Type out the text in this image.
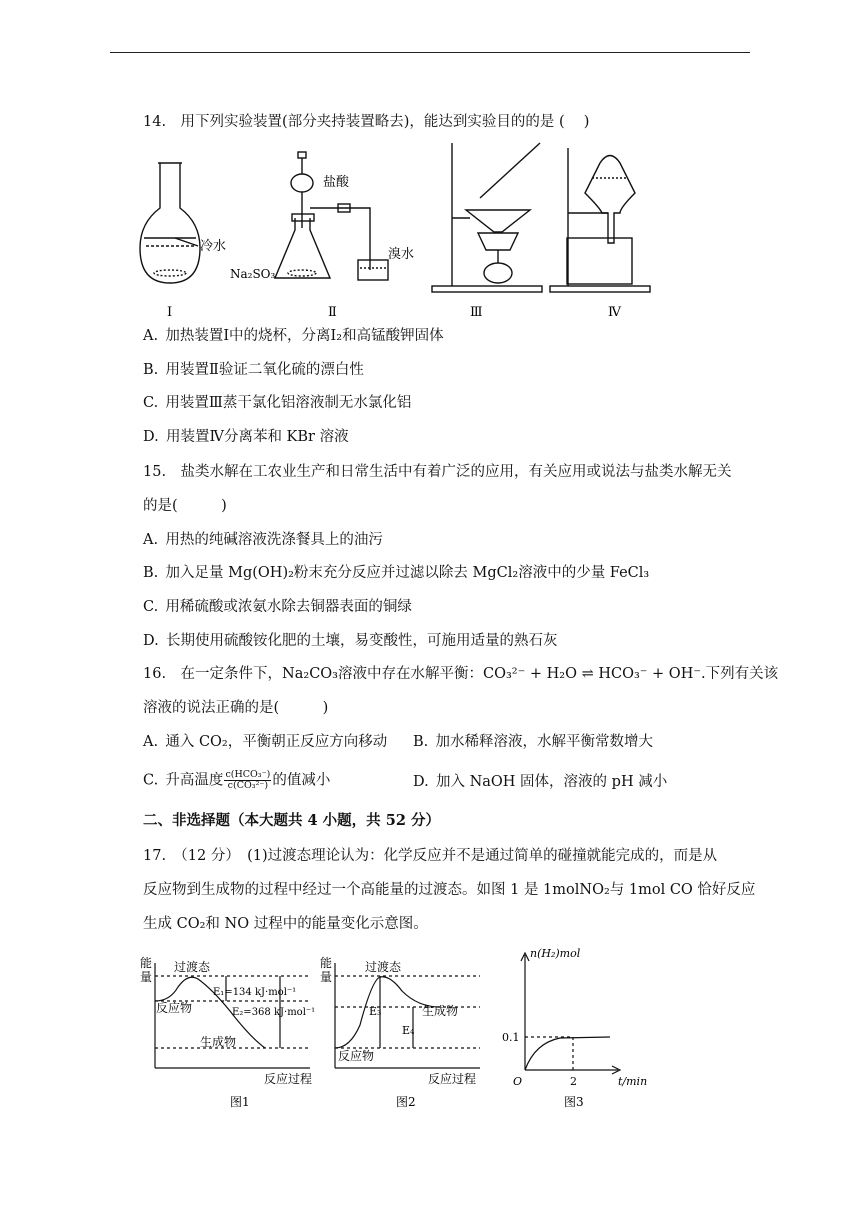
14.　用下列实验装置(部分夹持装置略去)，能达到实验目的的是 (　 )
冷水
Ⅰ
盐酸
Na₂SO₃
溴水
Ⅱ	Ⅲ	Ⅳ
A. 加热装置Ⅰ中的烧杯，分离I₂和高锰酸钾固体
B. 用装置Ⅱ验证二氧化硫的漂白性
C. 用装置Ⅲ蒸干氯化铝溶液制无水氯化铝
D. 用装置Ⅳ分离苯和 KBr 溶液
15.　盐类水解在工农业生产和日常生活中有着广泛的应用，有关应用或说法与盐类水解无关
的是(　　　)
A. 用热的纯碱溶液洗涤餐具上的油污
B. 加入足量 Mg(OH)₂粉末充分反应并过滤以除去 MgCl₂溶液中的少量 FeCl₃
C. 用稀硫酸或浓氨水除去铜器表面的铜绿
D. 长期使用硫酸铵化肥的土壤，易变酸性，可施用适量的熟石灰
16.　在一定条件下，Na₂CO₃溶液中存在水解平衡：CO₃²⁻ + H₂O ⇌ HCO₃⁻ + OH⁻.下列有关该
溶液的说法正确的是(　　　)
A. 通入 CO₂，平衡朝正反应方向移动 B. 加水稀释溶液，水解平衡常数增大
C. 升高温度 $\frac{\text{c(HCO₃⁻)}}{\text{c(CO₃²⁻)}}$ 的值减小	D. 加入 NaOH 固体，溶液的 pH 减小
二、非选择题（本大题共 4 小题，共 52 分）
17.　（12 分）　(1)过渡态理论认为：化学反应并不是通过简单的碰撞就能完成的，而是从
反应物到生成物的过程中经过一个高能量的过渡态。如图 1 是 1molNO₂与 1mol CO 恰好反应
生成 CO₂和 NO 过程中的能量变化示意图。
能
量
过渡态
反应物
生成物
E₁=134 kJ·mol⁻¹
E₂=368 kJ·mol⁻¹
反应过程
图1
能
量
过渡态
反应物
生成物
E₃
E₄
反应过程
图2
n(H₂)mol
0.1
O	2	t/min
图3
